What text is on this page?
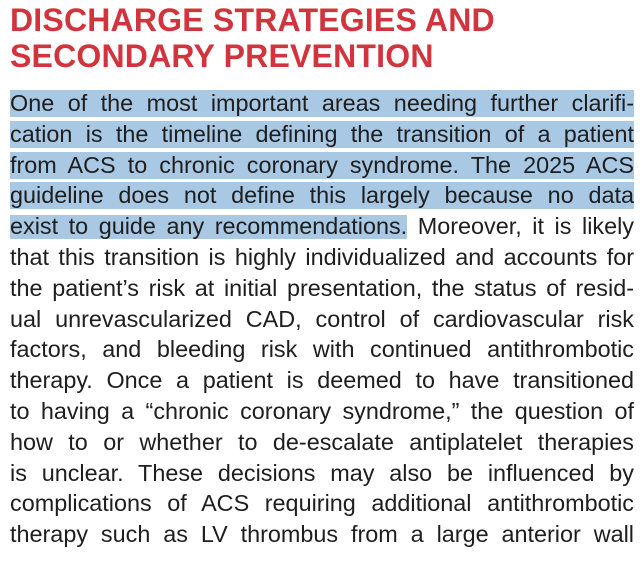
DISCHARGE STRATEGIES AND
SECONDARY PREVENTION
One of the most important areas needing further clarifi-
cation is the timeline defining the transition of a patient
from ACS to chronic coronary syndrome. The 2025 ACS
guideline does not define this largely because no data
exist to guide any recommendations. Moreover, it is likely
that this transition is highly individualized and accounts for
the patient’s risk at initial presentation, the status of resid-
ual unrevascularized CAD, control of cardiovascular risk
factors, and bleeding risk with continued antithrombotic
therapy. Once a patient is deemed to have transitioned
to having a “chronic coronary syndrome,” the question of
how to or whether to de-escalate antiplatelet therapies
is unclear. These decisions may also be influenced by
complications of ACS requiring additional antithrombotic
therapy such as LV thrombus from a large anterior wall
